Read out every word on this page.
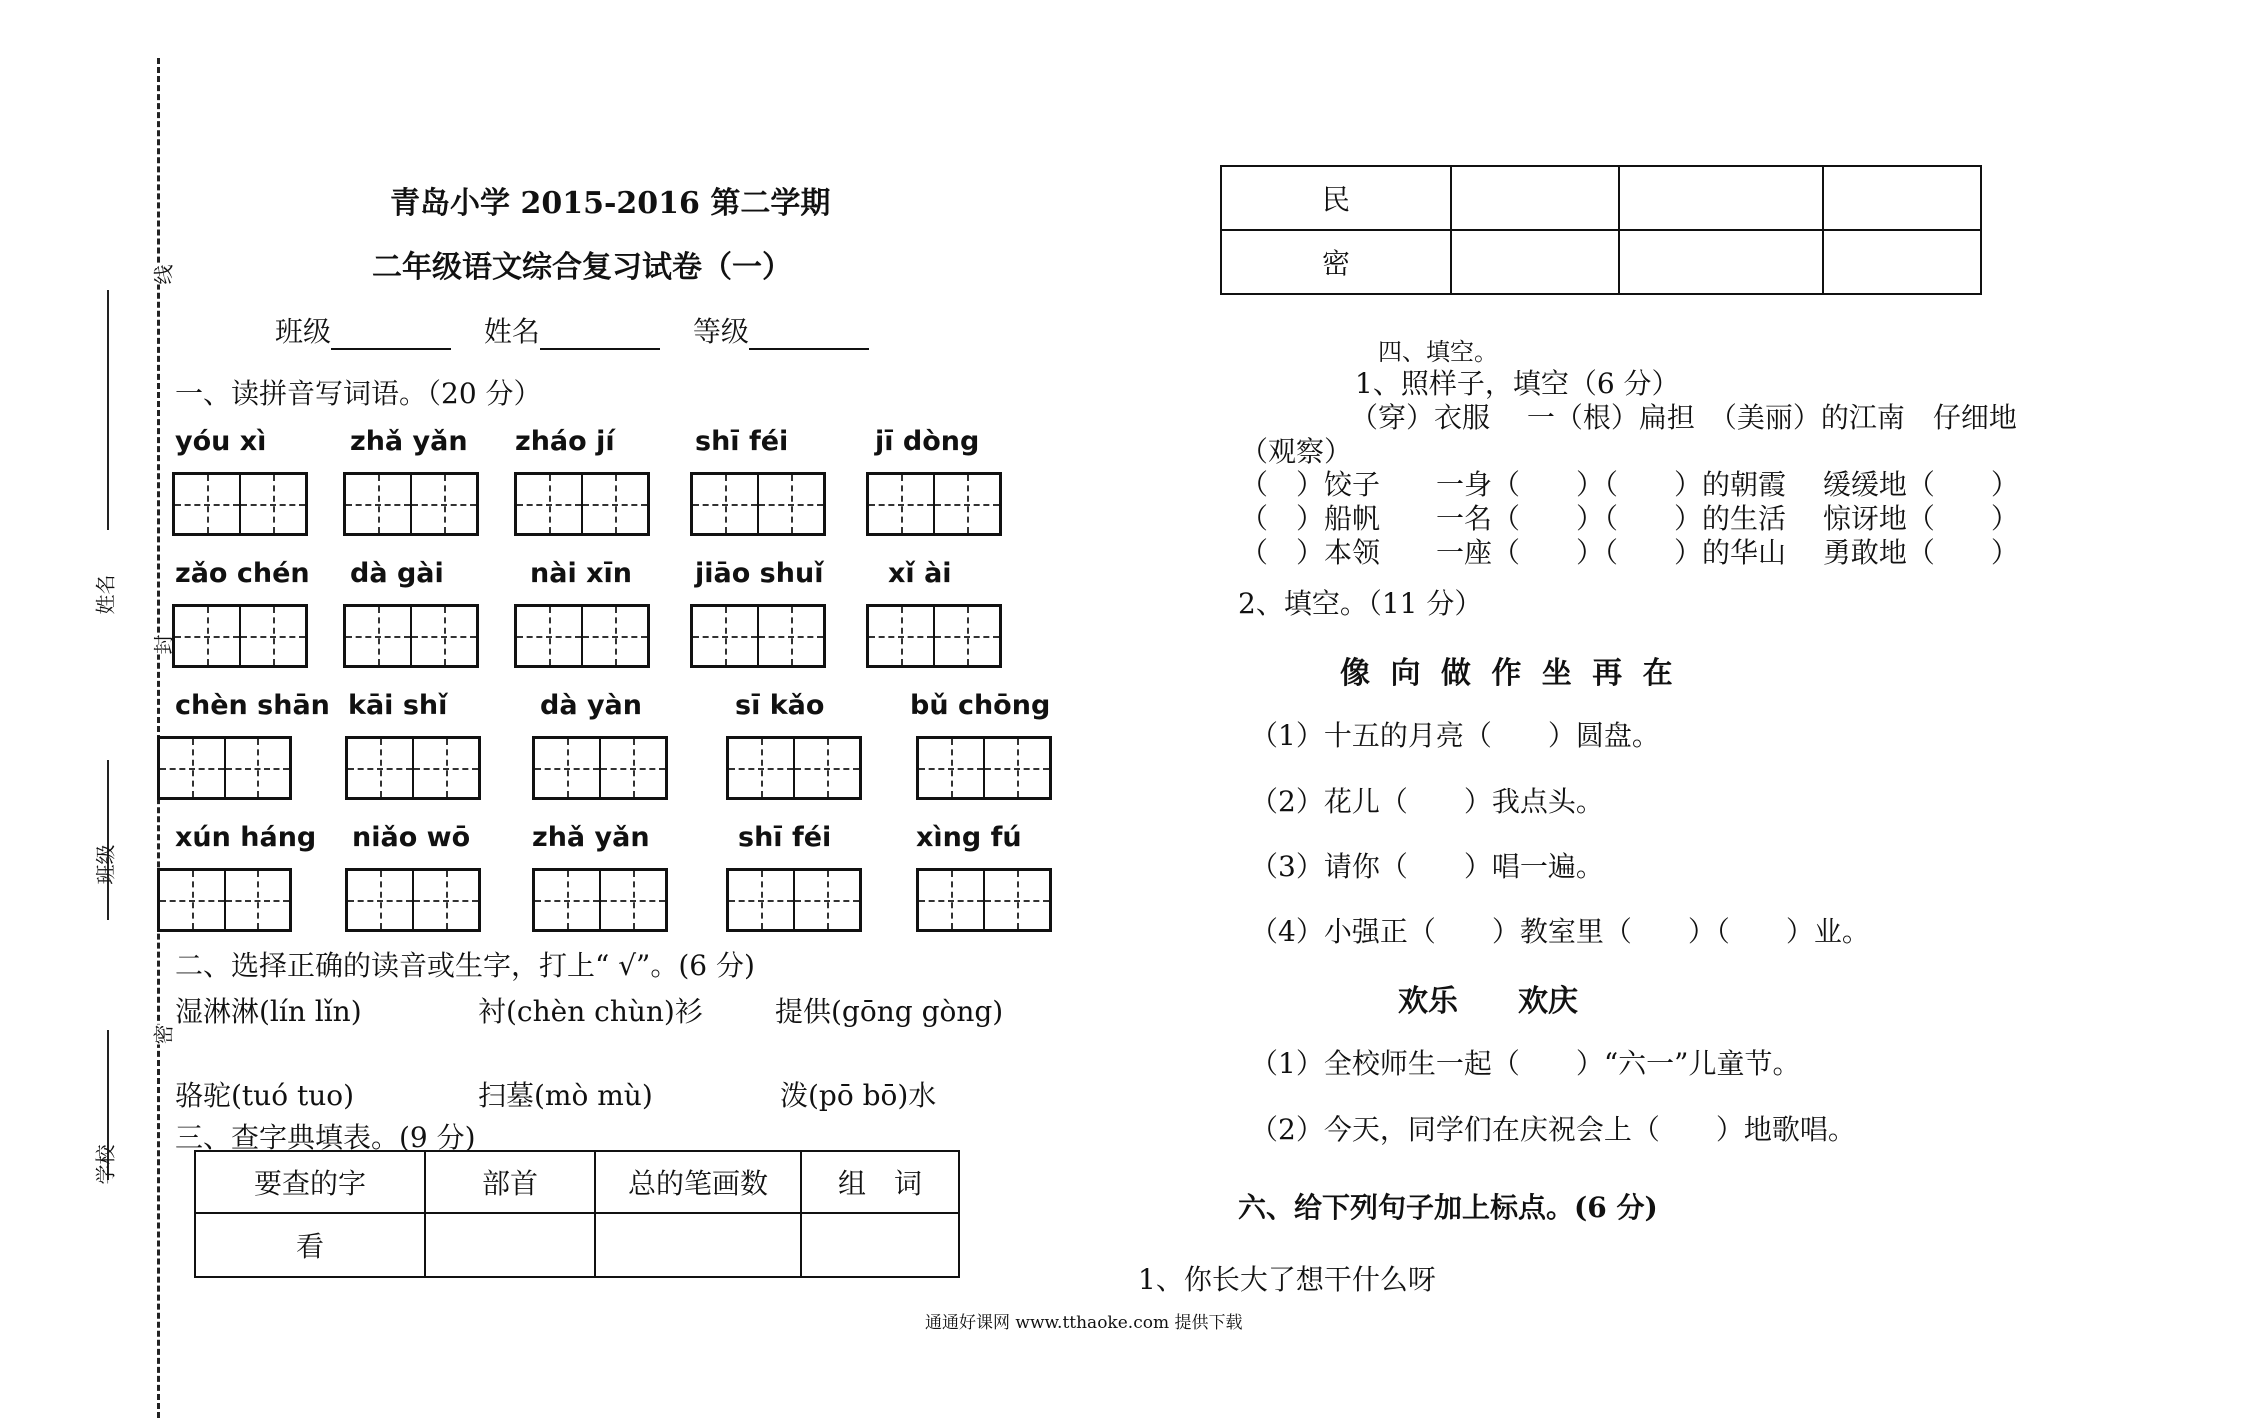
学校
班级
姓名
密
封
线
青岛小学 2015-2016 第二学期
二年级语文综合复习试卷（一）
班级	姓名	等级
一、读拼音写词语。（20 分）
yóu xì	zhǎ yǎn zháo jí	shī féi	jī dòng
zǎo chén dà gài	nài xīn jiāo shuǐ xǐ ài
chèn shān kāi shǐ	dà yàn	sī kǎo	bǔ chōng
xún háng niǎo wō zhǎ yǎn	shī féi	xìng fú
二、选择正确的读音或生字，打上“ √”。(6 分)
湿淋淋(lín lǐn)	衬(chèn chùn)衫	提供(gōng gòng)
骆驼(tuó tuo)	扫墓(mò mù)	泼(pō bō)水
三、查字典填表。(9 分)
要查的字	部首	总的笔画数	组　词
看			
民			
密			
四、填空。
1、照样子，填空（6 分）
（穿）衣服　 一（根）扁担　（美丽）的江南　仔细地
（观察）
（　）饺子　　一身（　　）（　　）的朝霞　 缓缓地（　　）
（　）船帆　　一名（　　）（　　）的生活　 惊讶地（　　）
（　）本领　　一座（　　）（　　）的华山　 勇敢地（　　）
2、填空。（11 分）
像 向 做 作 坐 再 在
（1）十五的月亮（　　）圆盘。
（2）花儿（　　）我点头。
（3）请你（　　）唱一遍。
（4）小强正（　　）教室里（　　）（　　）业。
欢乐　　欢庆
（1）全校师生一起（　　）“六一”儿童节。
（2）今天，同学们在庆祝会上（　　）地歌唱。
六、给下列句子加上标点。(6 分)
1、你长大了想干什么呀
通通好课网 www.tthaoke.com 提供下载
